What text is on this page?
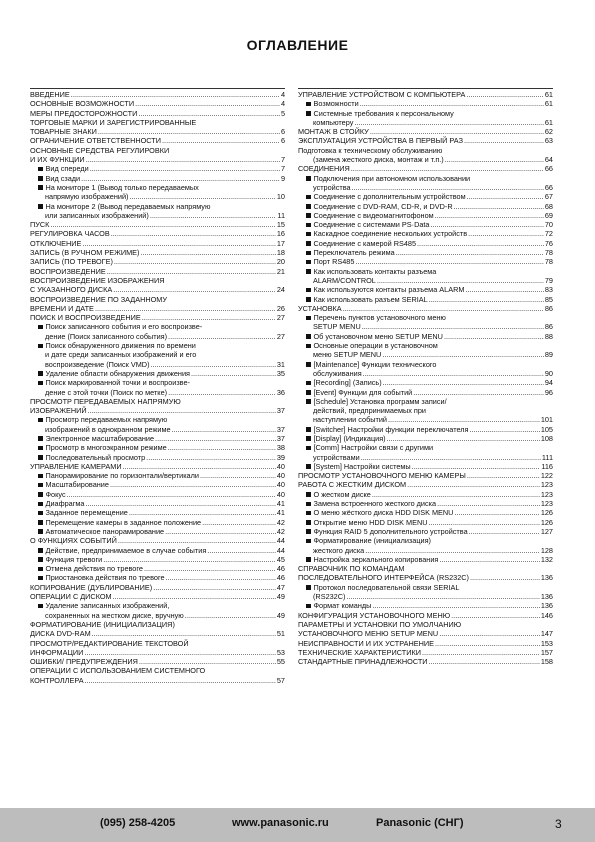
ОГЛАВЛЕНИЕ
ВВЕДЕНИЕ .....	4
ОСНОВНЫЕ ВОЗМОЖНОСТИ .....	4
МЕРЫ ПРЕДОСТОРОЖНОСТИ .....	5
ТОРГОВЫЕ МАРКИ И ЗАРЕГИСТРИРОВАННЫЕ
ТОВАРНЫЕ ЗНАКИ .....	6
ОГРАНИЧЕНИЕ ОТВЕТСТВЕННОСТИ .....	6
ОСНОВНЫЕ СРЕДСТВА РЕГУЛИРОВКИ
И ИХ ФУНКЦИИ .....	7
Вид спереди .....	7
Вид сзади .....	9
На мониторе 1 (Вывод только передаваемых
напрямую изображений) .....	10
На мониторе 2 (Вывод передаваемых напрямую
или записанных изображений) .....	11
ПУСК .....	15
РЕГУЛИРОВКА ЧАСОВ .....	16
ОТКЛЮЧЕНИЕ .....	17
ЗАПИСЬ (В РУЧНОМ РЕЖИМЕ) .....	18
ЗАПИСЬ (ПО ТРЕВОГЕ) .....	20
ВОСПРОИЗВЕДЕНИЕ .....	21
ВОСПРОИЗВЕДЕНИЕ ИЗОБРАЖЕНИЯ
С УКАЗАННОГО ДИСКА .....	24
ВОСПРОИЗВЕДЕНИЕ ПО ЗАДАННОМУ
ВРЕМЕНИ И ДАТЕ .....	26
ПОИСК И ВОСПРОИЗВЕДЕНИЕ .....	27
Поиск записанного события и его воспроизве-
дение (Поиск записанного события) .....	27
Поиск обнаруженного движения по времени
и дате среди записанных изображений и его
воспроизведение (Поиск VMD) .....	31
Удаление области обнаружения движения .....	35
Поиск маркированной точки и воспроизве-
дение с этой точки (Поиск по метке) .....	36
ПРОСМОТР ПЕРЕДАВАЕМЫХ НАПРЯМУЮ
ИЗОБРАЖЕНИЙ .....	37
Просмотр передаваемых напрямую
изображений в однокранном режиме .....	37
Электронное масштабирование .....	37
Просмотр в многоэкранном режиме .....	38
Последовательный просмотр .....	39
УПРАВЛЕНИЕ КАМЕРАМИ .....	40
Панорамирование по горизонтали/вертикали .....	40
Масштабирование .....	40
Фокус .....	40
Диафрагма .....	41
Заданное перемещение .....	41
Перемещение камеры в заданное положение .....	42
Автоматическое панорамирование .....	42
О ФУНКЦИЯХ СОБЫТИЙ .....	44
Действие, предпринимаемое в случае события .....	44
Функция тревоги .....	45
Отмена действия по тревоге .....	46
Приостановка действия по тревоге .....	46
КОПИРОВАНИЕ (ДУБЛИРОВАНИЕ) .....	47
ОПЕРАЦИИ С ДИСКОМ .....	49
Удаление записанных изображений,
сохраненных на жестком диске, вручную .....	49
ФОРМАТИРОВАНИЕ (ИНИЦИАЛИЗАЦИЯ)
ДИСКА DVD-RAM .....	51
ПРОСМОТР/РЕДАКТИРОВАНИЕ ТЕКСТОВОЙ
ИНФОРМАЦИИ .....	53
ОШИБКИ/ ПРЕДУПРЕЖДЕНИЯ .....	55
ОПЕРАЦИИ С ИСПОЛЬЗОВАНИЕМ СИСТЕМНОГО
КОНТРОЛЛЕРА .....	57
УПРАВЛЕНИЕ УСТРОЙСТВОМ С КОМПЬЮТЕРА .....	61
Возможности .....	61
Системные требования к персональному
компьютеру .....	61
МОНТАЖ В СТОЙКУ .....	62
ЭКСПЛУАТАЦИЯ УСТРОЙСТВА В ПЕРВЫЙ РАЗ .....	63
Подготовка к техническому обслуживанию
(замена жесткого диска, монтаж и т.п.) .....	64
СОЕДИНЕНИЯ .....	66
Подключения при автономном использовании
устройства .....	66
Соединение с дополнительным устройством .....	67
Соединение с DVD-RAM, CD-R, и DVD-R .....	68
Соединение с видеомагнитофоном .....	69
Соединение с системами PS·Data .....	70
Каскадное соединение нескольких устройств .....	72
Соединение с камерой RS485 .....	76
Переключатель режима .....	78
Порт RS485 .....	78
Как использовать контакты разъема
ALARM/CONTROL .....	79
Как используются контакты разъема ALARM .....	83
Как использовать разъем SERIAL .....	85
УСТАНОВКА .....	86
Перечень пунктов установочного меню
SETUP MENU .....	86
Об установочном меню SETUP MENU .....	88
Основные операции в установочном
меню SETUP MENU .....	89
[Maintenance] Функции технического
обслуживания .....	90
[Recording] (Запись) .....	94
[Event] Функции для событий .....	96
[Schedule] Установка программ записи/
действий, предпринимаемых при
наступлении событий .....	101
[Switcher] Настройки функции переключателя .....	105
[Display] (Индикация) .....	108
[Comm] Настройки связи с другими
устройствами .....	111
[System] Настройки системы .....	116
ПРОСМОТР УСТАНОВОЧНОГО МЕНЮ КАМЕРЫ .....	122
РАБОТА С ЖЕСТКИМ ДИСКОМ .....	123
О жестком диске .....	123
Замена встроенного жесткого диска .....	123
О меню жёсткого диска HDD DISK MENU .....	126
Открытие меню HDD DISK MENU .....	126
Функция RAID 5 дополнительного устройства .....	127
Форматирование (инициализация)
жесткого диска .....	128
Настройка зеркального копирования .....	132
СПРАВОЧНИК ПО КОМАНДАМ
ПОСЛЕДОВАТЕЛЬНОГО ИНТЕРФЕЙСА (RS232C) .....	136
Протокол последовательной связи SERIAL
(RS232C) .....	136
Формат команды .....	136
КОНФИГУРАЦИЯ УСТАНОВОЧНОГО МЕНЮ .....	146
ПАРАМЕТРЫ И УСТАНОВКИ ПО УМОЛЧАНИЮ
УСТАНОВОЧНОГО МЕНЮ SETUP MENU .....	147
НЕИСПРАВНОСТИ И ИХ УСТРАНЕНИЕ .....	153
ТЕХНИЧЕСКИЕ ХАРАКТЕРИСТИКИ .....	157
СТАНДАРТНЫЕ ПРИНАДЛЕЖНОСТИ .....	158
(095) 258-4205	www.panasonic.ru	Panasonic (СНГ)	3
